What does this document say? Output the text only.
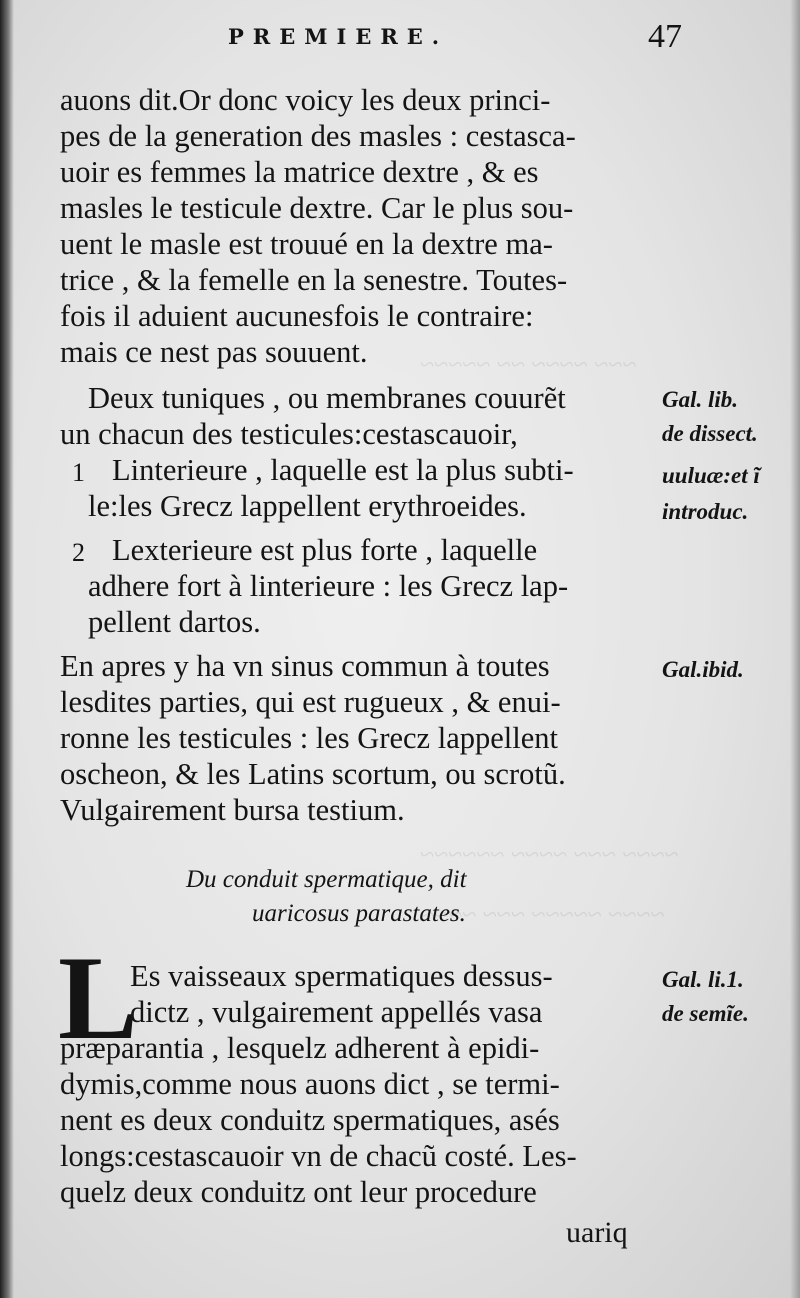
~~~ ~~~~ ~~ ~~~~~
~~~~ ~~~ ~~~~ ~~~~~~
~~~~ ~~~~~ ~~~ ~~~~
PREMIERE.	47
auons dit.Or donc voicy les deux princi-
pes de la generation des masles : cestascа-
uoir es femmes la matrice dextre , & es
masles le testicule dextre. Car le plus sou-
uent le masle est trouué en la dextre ma-
trice , & la femelle en la senestre. Toutes-
fois il aduient aucunesfois le contraire:
mais ce nest pas souuent.
Deux tuniques , ou membranes couurẽt
un chacun des testicules:cestascauoir,
1 Linterieure , laquelle est la plus subti-
le:les Grecz lappellent erythroeides.
2 Lexterieure est plus forte , laquelle
adhere fort à linterieure : les Grecz lap-
pellent dartos.
En apres y ha vn sinus commun à toutes
lesdites parties, qui est rugueux , & enui-
ronne les testicules : les Grecz lappellent
oscheon, & les Latins scortum, ou scrotũ.
Vulgairement bursa testium.
Gal. lib.
de dissect.
uuluæ:et ĩ
introduc.
Gal.ibid.
Du conduit spermatique, dit
uaricosus parastates.
L
Es vaisseaux spermatiques dessus-
dictz , vulgairement appellés vasa
præparantia , lesquelz adherent à epidi-
dymis,comme nous auons dict , se termi-
nent es deux conduitz spermatiques, asés
longs:cestascauoir vn de chacũ costé. Les-
quelz deux conduitz ont leur procedure
Gal. li.1.
de semĩe.
uariq
